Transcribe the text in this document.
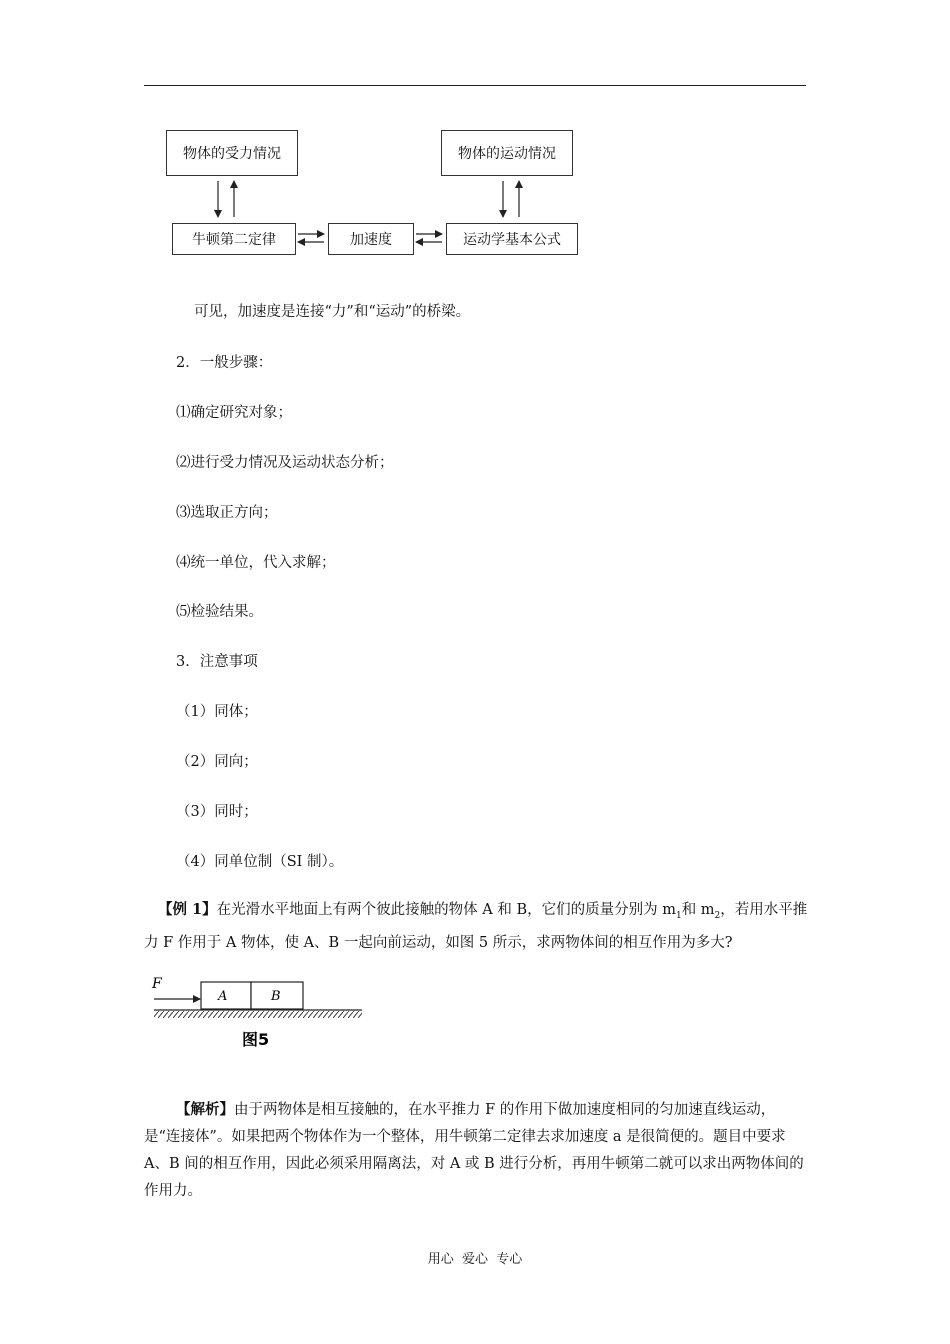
物体的受力情况	物体的运动情况
牛顿第二定律	加速度	运动学基本公式
可见，加速度是连接“力”和“运动”的桥梁。
2．一般步骤：
⑴确定研究对象；
⑵进行受力情况及运动状态分析；
⑶选取正方向；
⑷统一单位，代入求解；
⑸检验结果。
3．注意事项
（1）同体；
（2）同向；
（3）同时；
（4）同单位制（SI 制）。
【例 1】在光滑水平地面上有两个彼此接触的物体 A 和 B，它们的质量分别为 $m_1$和 $m_2$，若用水平推力 F 作用于 A 物体，使 A、B 一起向前运动，如图 5 所示，求两物体间的相互作用为多大?
F
A	B
图5
【解析】由于两物体是相互接触的，在水平推力 F 的作用下做加速度相同的匀加速直线运动，是“连接体”。如果把两个物体作为一个整体，用牛顿第二定律去求加速度 a 是很简便的。题目中要求 A、B 间的相互作用，因此必须采用隔离法，对 A 或 B 进行分析，再用牛顿第二就可以求出两物体间的作用力。
用心  爱心  专心
